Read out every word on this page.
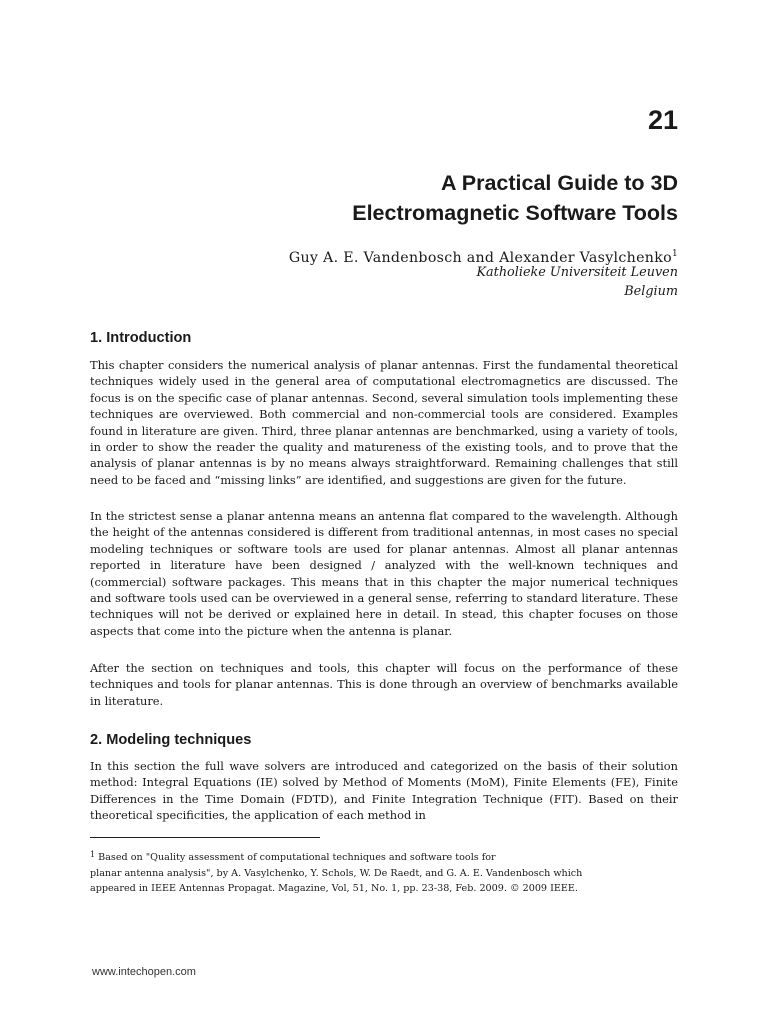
21
A Practical Guide to 3D
Electromagnetic Software Tools

Guy A. E. Vandenbosch and Alexander Vasylchenko$^1$

Katholieke Universiteit Leuven

Belgium

1. Introduction

This chapter considers the numerical analysis of planar antennas. First the fundamental theoretical techniques widely used in the general area of computational electromagnetics are discussed. The focus is on the specific case of planar antennas. Second, several simulation tools implementing these techniques are overviewed. Both commercial and non-commercial tools are considered. Examples found in literature are given. Third, three planar antennas are benchmarked, using a variety of tools, in order to show the reader the quality and matureness of the existing tools, and to prove that the analysis of planar antennas is by no means always straightforward. Remaining challenges that still need to be faced and “missing links” are identified, and suggestions are given for the future.

In the strictest sense a planar antenna means an antenna flat compared to the wavelength. Although the height of the antennas considered is different from traditional antennas, in most cases no special modeling techniques or software tools are used for planar antennas. Almost all planar antennas reported in literature have been designed / analyzed with the well-known techniques and (commercial) software packages. This means that in this chapter the major numerical techniques and software tools used can be overviewed in a general sense, referring to standard literature. These techniques will not be derived or explained here in detail. In stead, this chapter focuses on those aspects that come into the picture when the antenna is planar.

After the section on techniques and tools, this chapter will focus on the performance of these techniques and tools for planar antennas. This is done through an overview of benchmarks available in literature.

2. Modeling techniques

In this section the full wave solvers are introduced and categorized on the basis of their solution method: Integral Equations (IE) solved by Method of Moments (MoM), Finite Elements (FE), Finite Differences in the Time Domain (FDTD), and Finite Integration Technique (FIT). Based on their theoretical specificities, the application of each method in

$^1$ Based on "Quality assessment of computational techniques and software tools for
planar antenna analysis", by A. Vasylchenko, Y. Schols, W. De Raedt, and G. A. E. Vandenbosch which
appeared in IEEE Antennas Propagat. Magazine, Vol, 51, No. 1, pp. 23-38, Feb. 2009. © 2009 IEEE.

www.intechopen.com
